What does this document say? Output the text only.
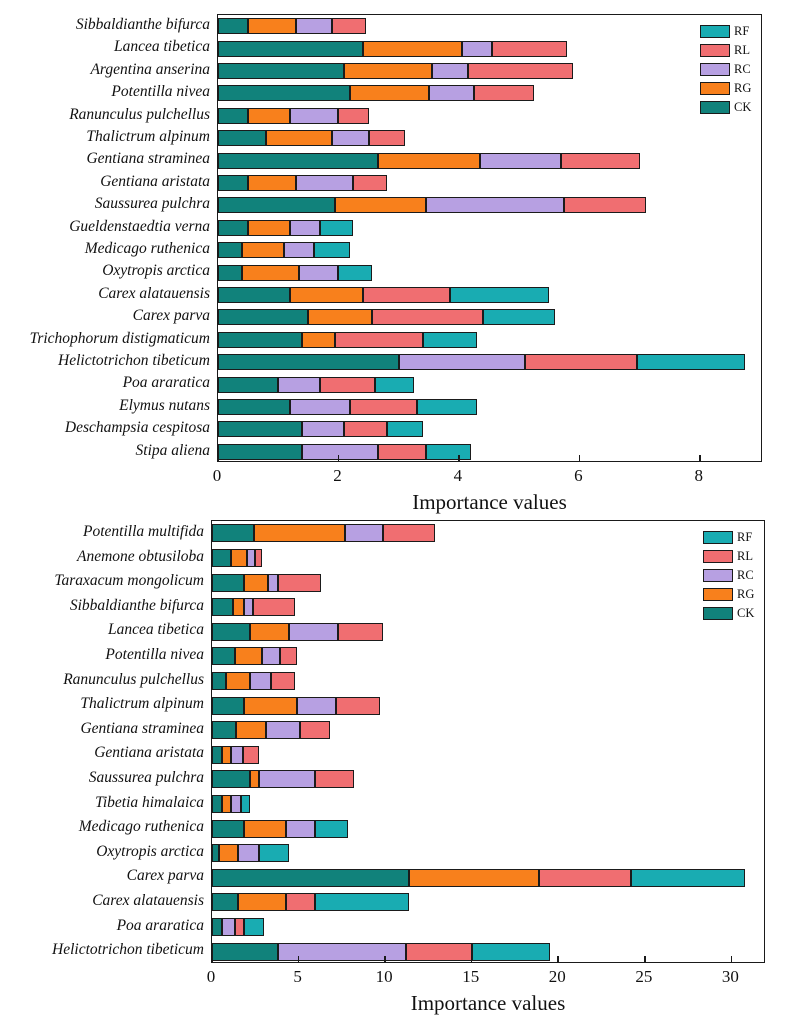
RF
RL
RC
RG
CK
Importance values
RF
RL
RC
RG
CK
Importance values
Sibbaldianthe bifurca
Lancea tibetica
Argentina anserina
Potentilla nivea
Ranunculus pulchellus
Thalictrum alpinum
Gentiana straminea
Gentiana aristata
Saussurea pulchra
Gueldenstaedtia verna
Medicago ruthenica
Oxytropis arctica
Carex alatauensis
Carex parva
Trichophorum distigmaticum
Helictotrichon tibeticum
Poa araratica
Elymus nutans
Deschampsia cespitosa
Stipa aliena
0	2	4	6	8
Potentilla multifida
Anemone obtusiloba
Taraxacum mongolicum
Sibbaldianthe bifurca
Lancea tibetica
Potentilla nivea
Ranunculus pulchellus
Thalictrum alpinum
Gentiana straminea
Gentiana aristata
Saussurea pulchra
Tibetia himalaica
Medicago ruthenica
Oxytropis arctica
Carex parva
Carex alatauensis
Poa araratica
Helictotrichon tibeticum
0	5	10	15	20	25	30
